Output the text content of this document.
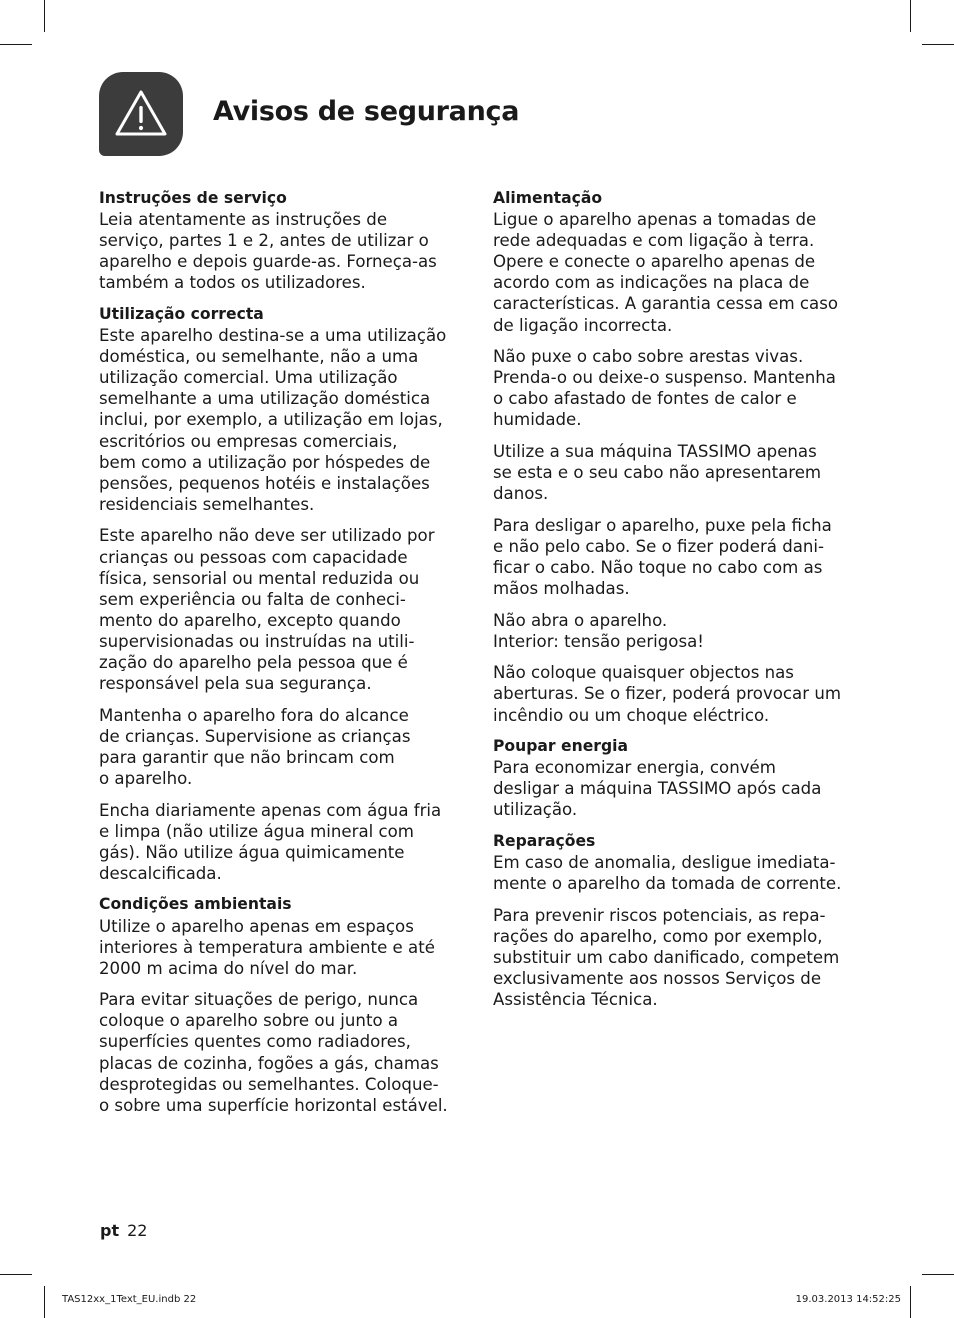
Avisos de segurança
Instruções de serviço
Leia atentamente as instruções de
serviço, partes 1 e 2, antes de utilizar o
aparelho e depois guarde-as. Forneça-as
também a todos os utilizadores.
Utilização correcta
Este aparelho destina-se a uma utilização
doméstica, ou semelhante, não a uma
utilização comercial. Uma utilização
semelhante a uma utilização doméstica
inclui, por exemplo, a utilização em lojas,
escritórios ou empresas comerciais,
bem como a utilização por hóspedes de
pensões, pequenos hotéis e instalações
residenciais semelhantes.
Este aparelho não deve ser utilizado por
crianças ou pessoas com capacidade
física, sensorial ou mental reduzida ou
sem experiência ou falta de conheci-
mento do aparelho, excepto quando
supervisionadas ou instruídas na utili-
zação do aparelho pela pessoa que é
responsável pela sua segurança.
Mantenha o aparelho fora do alcance
de crianças. Supervisione as crianças
para garantir que não brincam com
o aparelho.
Encha diariamente apenas com água fria
e limpa (não utilize água mineral com
gás). Não utilize água quimicamente
descalcificada.
Condições ambientais
Utilize o aparelho apenas em espaços
interiores à temperatura ambiente e até
2000 m acima do nível do mar.
Para evitar situações de perigo, nunca
coloque o aparelho sobre ou junto a
superfícies quentes como radiadores,
placas de cozinha, fogões a gás, chamas
desprotegidas ou semelhantes. Coloque-
o sobre uma superfície horizontal estável.
Alimentação
Ligue o aparelho apenas a tomadas de
rede adequadas e com ligação à terra.
Opere e conecte o aparelho apenas de
acordo com as indicações na placa de
características. A garantia cessa em caso
de ligação incorrecta.
Não puxe o cabo sobre arestas vivas.
Prenda-o ou deixe-o suspenso. Mantenha
o cabo afastado de fontes de calor e
humidade.
Utilize a sua máquina TASSIMO apenas
se esta e o seu cabo não apresentarem
danos.
Para desligar o aparelho, puxe pela ficha
e não pelo cabo. Se o fizer poderá dani-
ficar o cabo. Não toque no cabo com as
mãos molhadas.
Não abra o aparelho.
Interior: tensão perigosa!
Não coloque quaisquer objectos nas
aberturas. Se o fizer, poderá provocar um
incêndio ou um choque eléctrico.
Poupar energia
Para economizar energia, convém
desligar a máquina TASSIMO após cada
utilização.
Reparações
Em caso de anomalia, desligue imediata-
mente o aparelho da tomada de corrente.
Para prevenir riscos potenciais, as repa-
rações do aparelho, como por exemplo,
substituir um cabo danificado, competem
exclusivamente aos nossos Serviços de
Assistência Técnica.
pt 22
TAS12xx_1Text_EU.indb 22	19.03.2013 14:52:25
